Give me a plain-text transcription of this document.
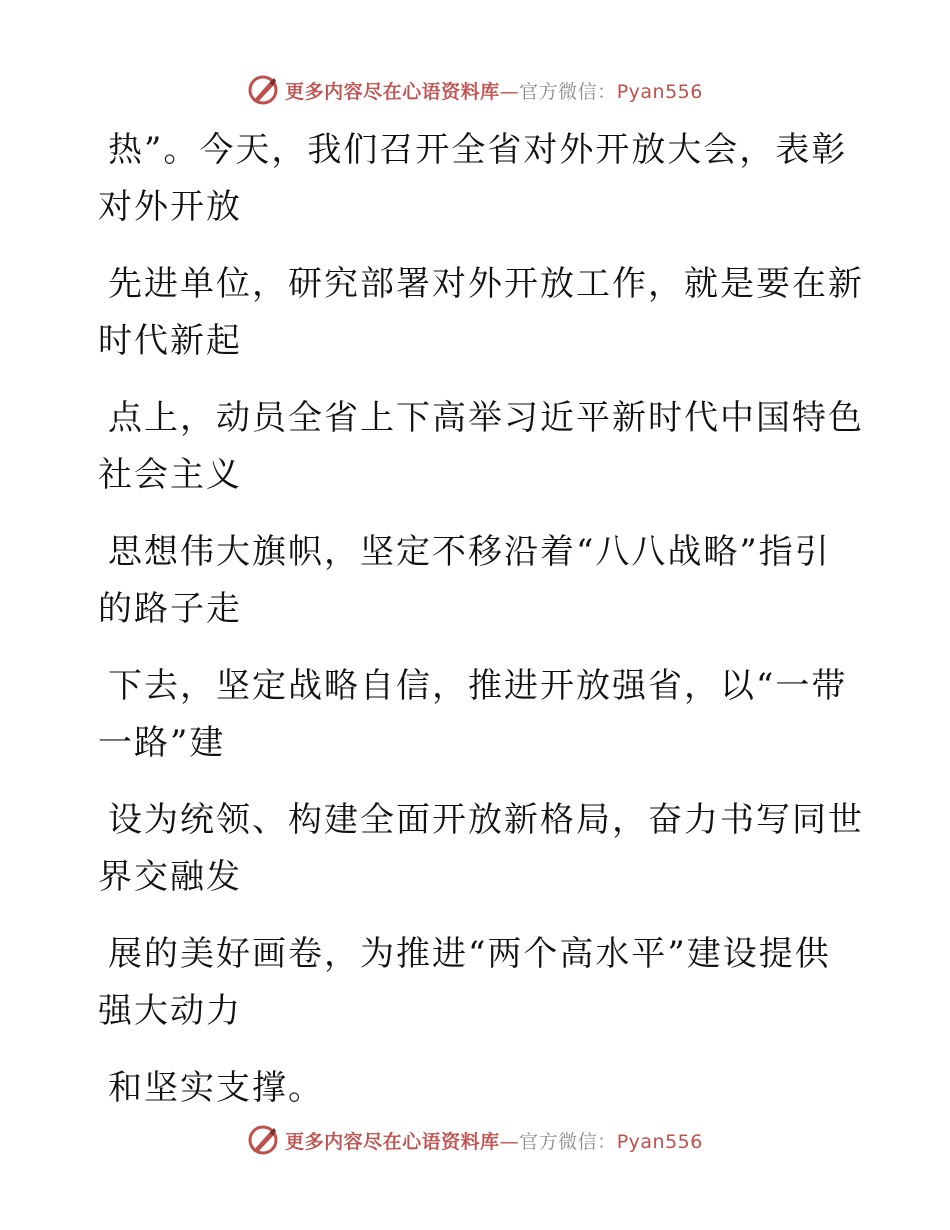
更多内容尽在心语资料库—官方微信：Pyan556

热”。今天，我们召开全省对外开放大会，表彰
对外开放

先进单位，研究部署对外开放工作，就是要在新
时代新起

点上，动员全省上下高举习近平新时代中国特色
社会主义

思想伟大旗帜，坚定不移沿着“八八战略”指引
的路子走

下去，坚定战略自信，推进开放强省，以“一带
一路”建

设为统领、构建全面开放新格局，奋力书写同世
界交融发

展的美好画卷，为推进“两个高水平”建设提供
强大动力

和坚实支撑。

更多内容尽在心语资料库—官方微信：Pyan556
